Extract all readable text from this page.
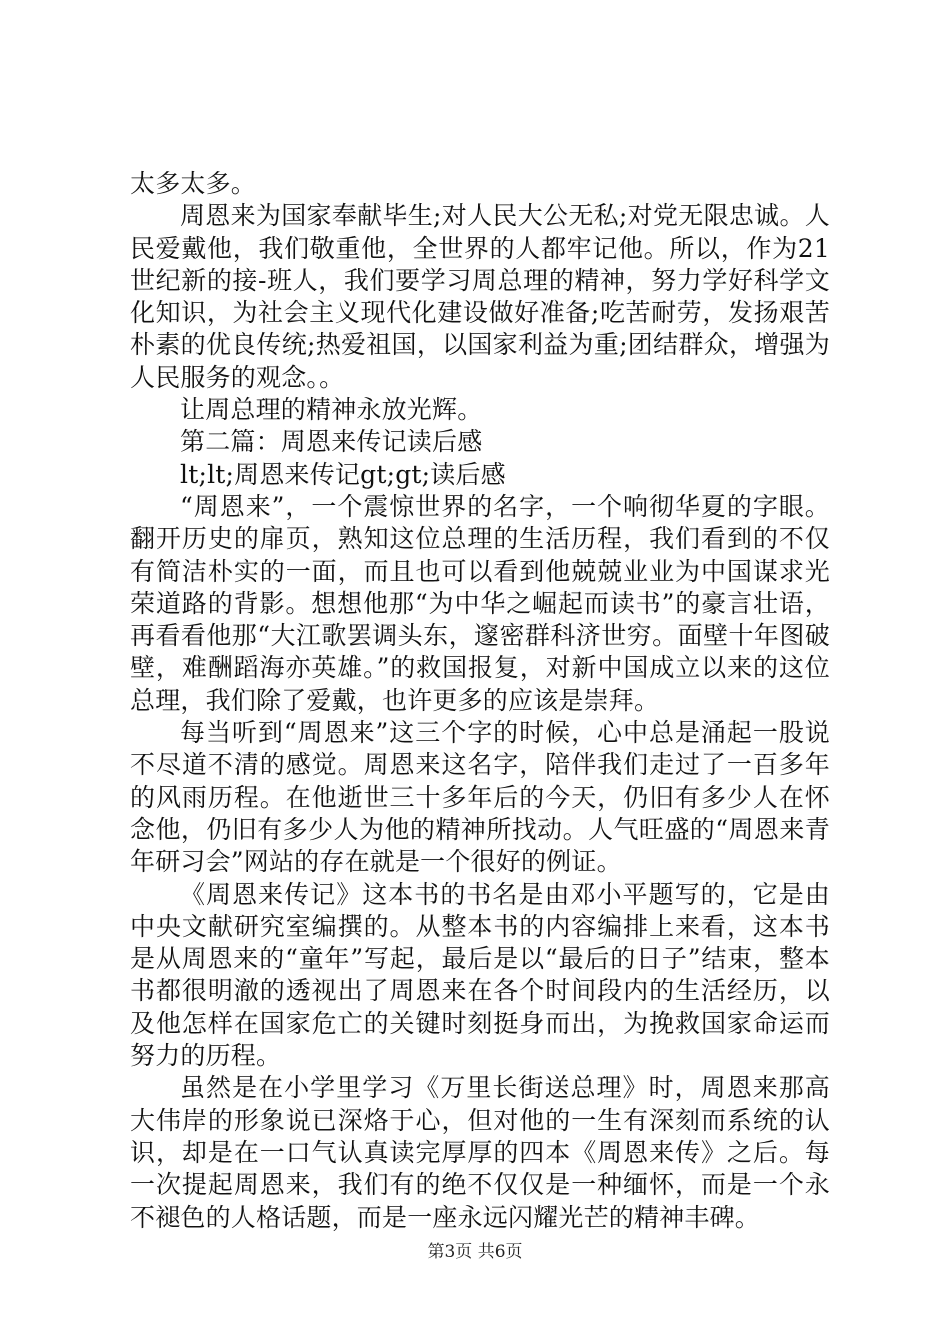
太多太多。

周恩来为国家奉献毕生;对人民大公无私;对党无限忠诚。人民爱戴他，我们敬重他，全世界的人都牢记他。所以，作为21世纪新的接-班人，我们要学习周总理的精神，努力学好科学文化知识，为社会主义现代化建设做好准备;吃苦耐劳，发扬艰苦朴素的优良传统;热爱祖国，以国家利益为重;团结群众，增强为人民服务的观念。。

让周总理的精神永放光辉。

第二篇：周恩来传记读后感

lt;lt;周恩来传记gt;gt;读后感

“周恩来”，一个震惊世界的名字，一个响彻华夏的字眼。翻开历史的扉页，熟知这位总理的生活历程，我们看到的不仅有简洁朴实的一面，而且也可以看到他兢兢业业为中国谋求光荣道路的背影。想想他那“为中华之崛起而读书”的豪言壮语，再看看他那“大江歌罢调头东，邃密群科济世穷。面壁十年图破壁，难酬蹈海亦英雄。”的救国报复，对新中国成立以来的这位总理，我们除了爱戴，也许更多的应该是崇拜。

每当听到“周恩来”这三个字的时候，心中总是涌起一股说不尽道不清的感觉。周恩来这名字，陪伴我们走过了一百多年的风雨历程。在他逝世三十多年后的今天，仍旧有多少人在怀念他，仍旧有多少人为他的精神所找动。人气旺盛的“周恩来青年研习会”网站的存在就是一个很好的例证。

《周恩来传记》这本书的书名是由邓小平题写的，它是由中央文献研究室编撰的。从整本书的内容编排上来看，这本书是从周恩来的“童年”写起，最后是以“最后的日子”结束，整本书都很明澈的透视出了周恩来在各个时间段内的生活经历，以及他怎样在国家危亡的关键时刻挺身而出，为挽救国家命运而努力的历程。

虽然是在小学里学习《万里长街送总理》时，周恩来那高大伟岸的形象说已深烙于心，但对他的一生有深刻而系统的认识，却是在一口气认真读完厚厚的四本《周恩来传》之后。每一次提起周恩来，我们有的绝不仅仅是一种缅怀，而是一个永不褪色的人格话题，而是一座永远闪耀光芒的精神丰碑。

第3页 共6页
